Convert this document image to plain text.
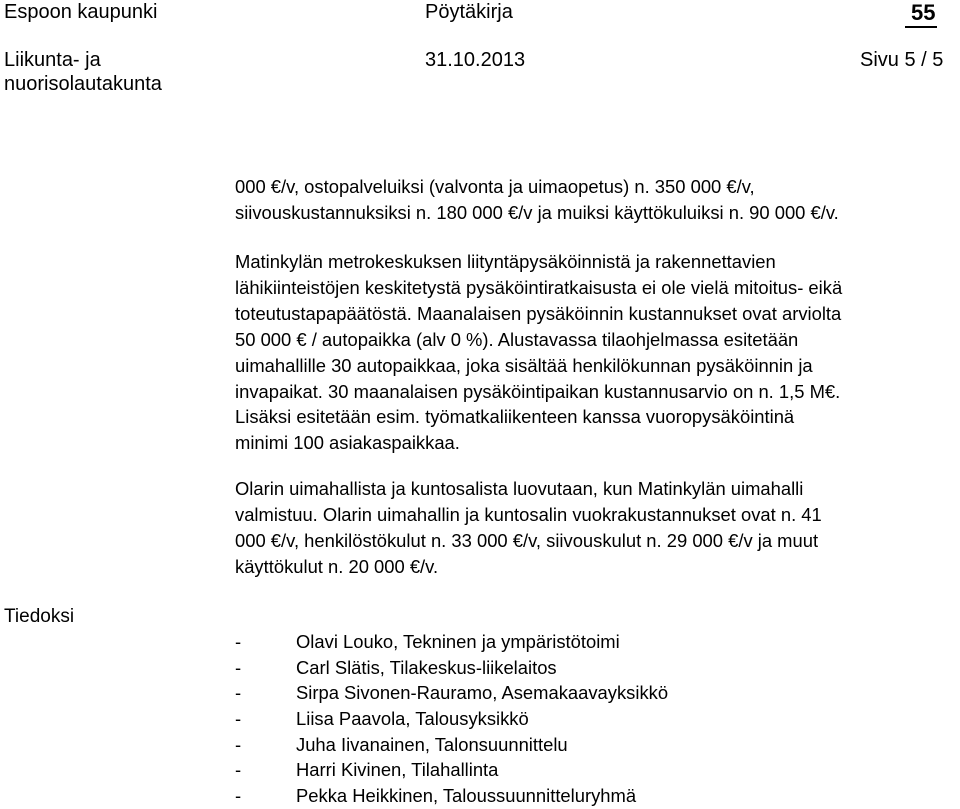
Espoon kaupunki
Liikunta- ja
nuorisolautakunta
Pöytäkirja
31.10.2013
55
Sivu 5 / 5

000 €/v, ostopalveluiksi (valvonta ja uimaopetus) n. 350 000 €/v,

siivouskustannuksiksi n. 180 000 €/v ja muiksi käyttökuluiksi n. 90 000 €/v.

Matinkylän metrokeskuksen liityntäpysäköinnistä ja rakennettavien

lähikiinteistöjen keskitetystä pysäköintiratkaisusta ei ole vielä mitoitus- eikä

toteutustapapäätöstä. Maanalaisen pysäköinnin kustannukset ovat arviolta

50 000 € / autopaikka (alv 0 %). Alustavassa tilaohjelmassa esitetään

uimahallille 30 autopaikkaa, joka sisältää henkilökunnan pysäköinnin ja

invapaikat. 30 maanalaisen pysäköintipaikan kustannusarvio on n. 1,5 M€.

Lisäksi esitetään esim. työmatkaliikenteen kanssa vuoropysäköintinä

minimi 100 asiakaspaikkaa.

Olarin uimahallista ja kuntosalista luovutaan, kun Matinkylän uimahalli

valmistuu. Olarin uimahallin ja kuntosalin vuokrakustannukset ovat n. 41

000 €/v, henkilöstökulut n. 33 000 €/v, siivouskulut n. 29 000 €/v ja muut

käyttökulut n. 20 000 €/v.

Tiedoksi
-	Olavi Louko, Tekninen ja ympäristötoimi
-	Carl Slätis, Tilakeskus-liikelaitos
-	Sirpa Sivonen-Rauramo, Asemakaavayksikkö
-	Liisa Paavola, Talousyksikkö
-	Juha Iivanainen, Talonsuunnittelu
-	Harri Kivinen, Tilahallinta
-	Pekka Heikkinen, Taloussuunnitteluryhmä
